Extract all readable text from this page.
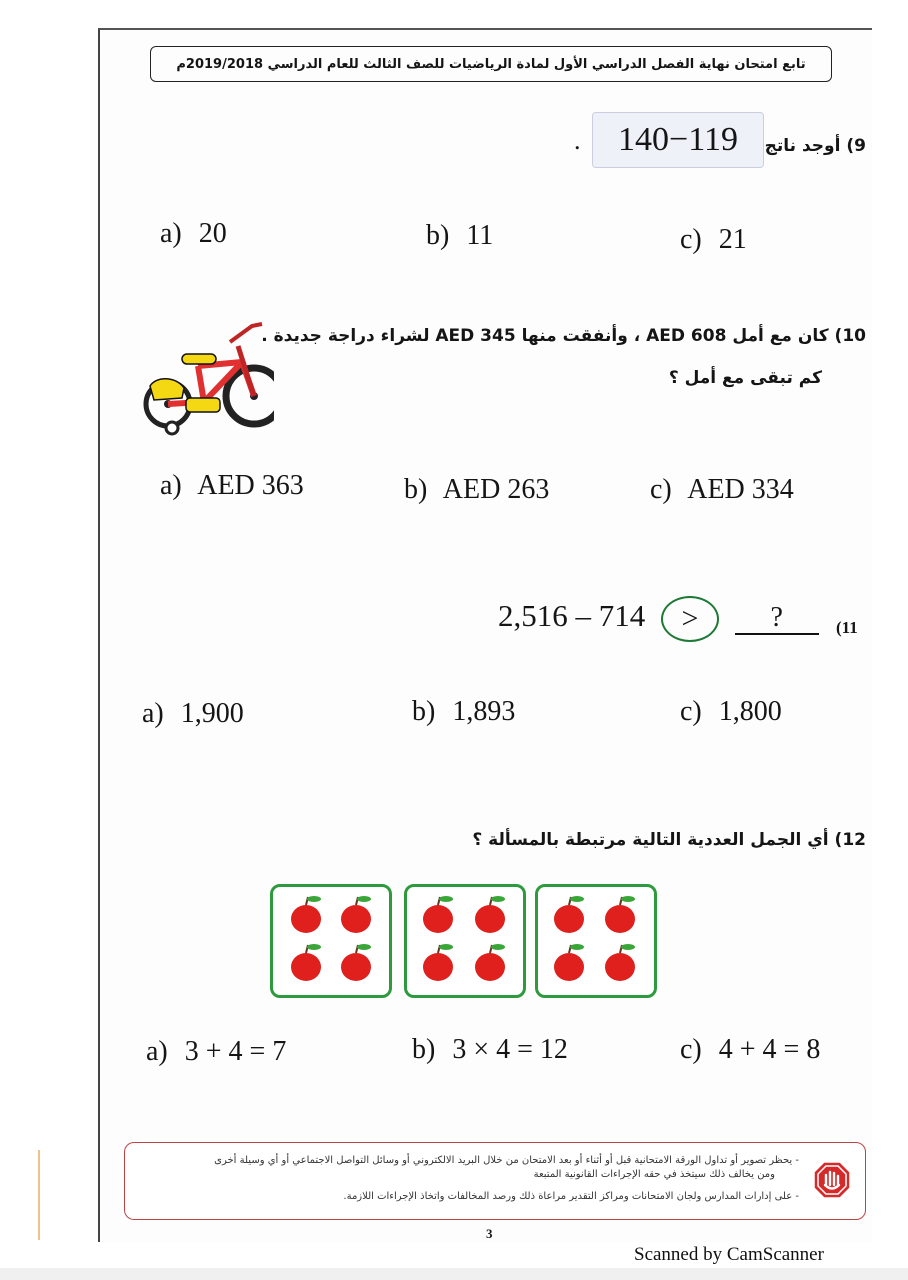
تابع امتحان نهاية الفصل الدراسي الأول لمادة الرياضيات للصف الثالث للعام الدراسي 2019/2018م
9) أوجد ناتج
140−119
.
a) 20	b) 11	c) 21
10) كان مع أمل AED 608 ، وأنفقت منها AED 345 لشراء دراجة جديدة .
كم تبقى مع أمل ؟
a) AED 363	b) AED 263	c) AED 334
2,516 – 714 >	?	(11
a) 1,900	b) 1,893	c) 1,800
12) أي الجمل العددية التالية مرتبطة بالمسألة ؟
a) 3 + 4 = 7	b) 3 × 4 = 12	c) 4 + 4 = 8
- يحظر تصوير أو تداول الورقة الامتحانية قبل أو أثناء أو بعد الامتحان من خلال البريد الالكتروني أو وسائل التواصل الاجتماعي أو أي وسيلة أخرى
ومن يخالف ذلك سيتخذ في حقه الإجراءات القانونية المتبعة
- على إدارات المدارس ولجان الامتحانات ومراكز التقدير مراعاة ذلك ورصد المخالفات واتخاذ الإجراءات اللازمة.
3
Scanned by CamScanner
